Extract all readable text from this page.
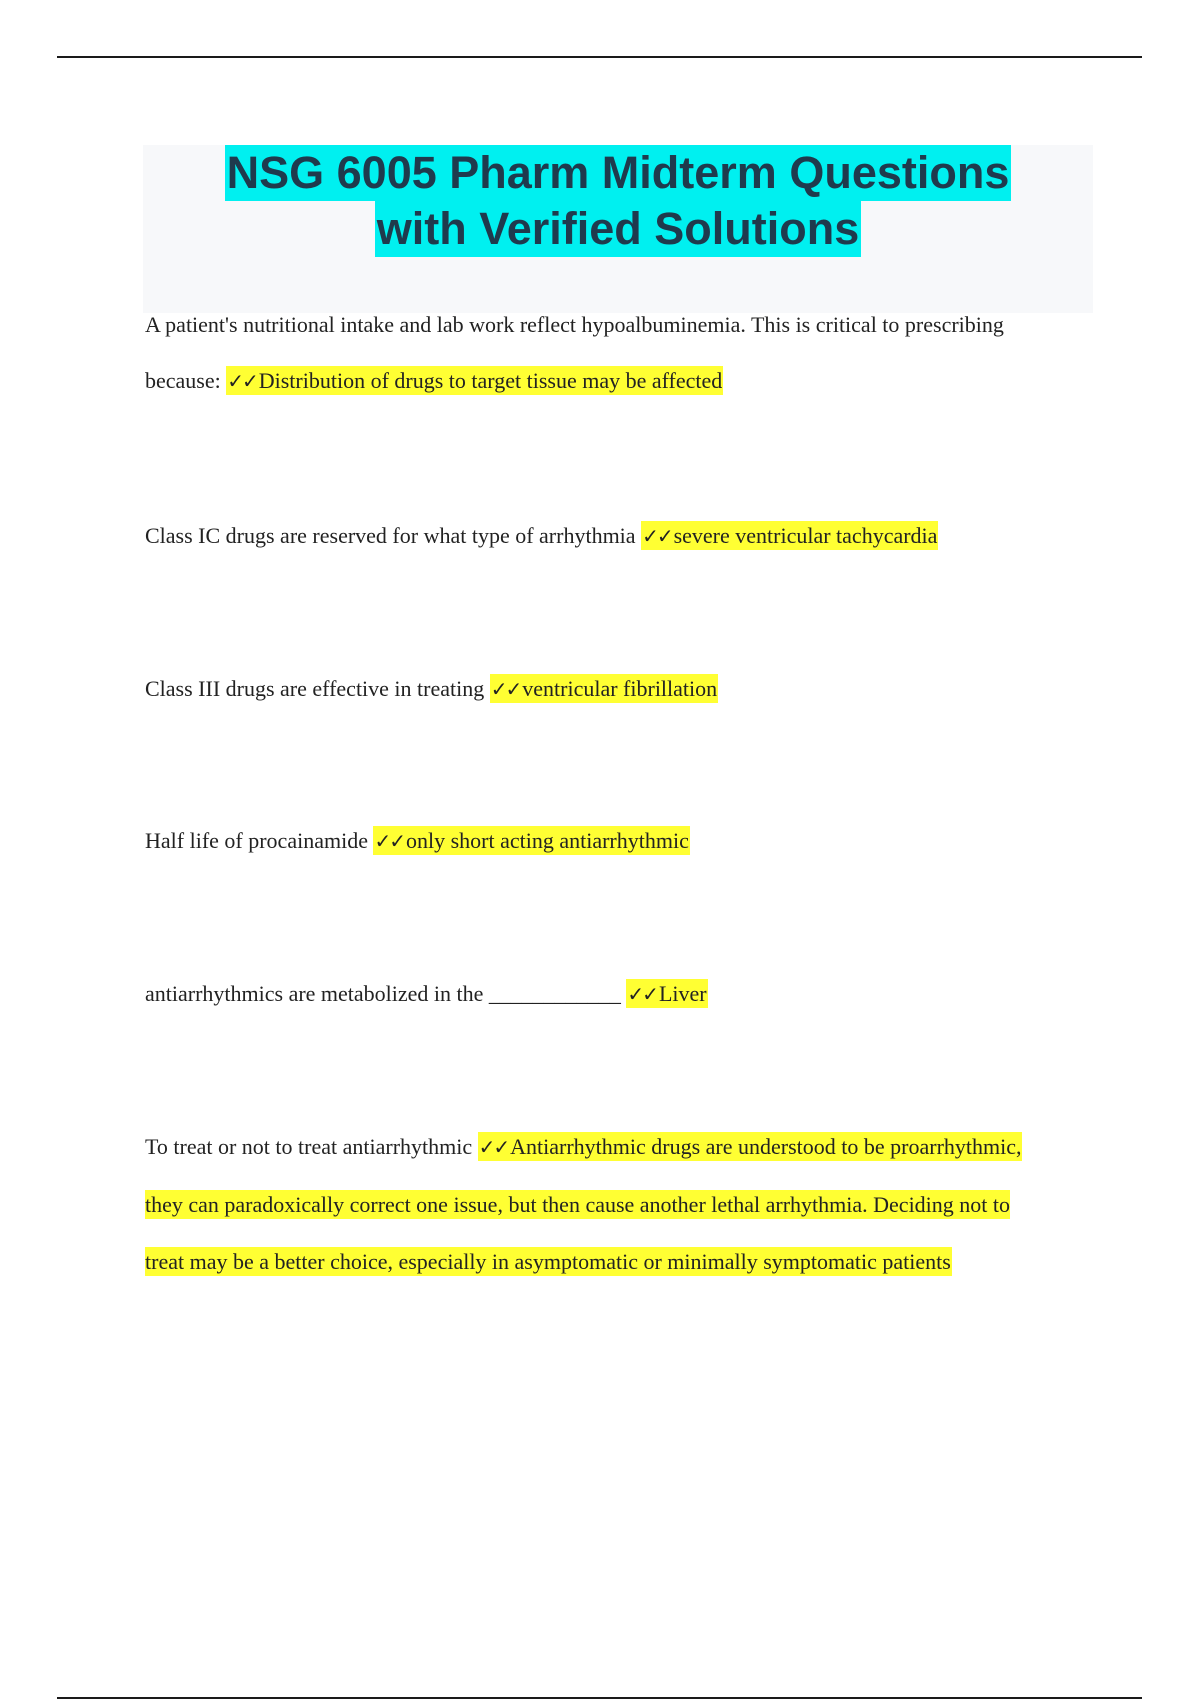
NSG 6005 Pharm Midterm Questions
with Verified Solutions

A patient's nutritional intake and lab work reflect hypoalbuminemia. This is critical to prescribing because: ✓✓Distribution of drugs to target tissue may be affected

Class IC drugs are reserved for what type of arrhythmia ✓✓severe ventricular tachycardia

Class III drugs are effective in treating ✓✓ventricular fibrillation

Half life of procainamide ✓✓only short acting antiarrhythmic

antiarrhythmics are metabolized in the ____________ ✓✓Liver

To treat or not to treat antiarrhythmic ✓✓Antiarrhythmic drugs are understood to be proarrhythmic, they can paradoxically correct one issue, but then cause another lethal arrhythmia. Deciding not to treat may be a better choice, especially in asymptomatic or minimally symptomatic patients
